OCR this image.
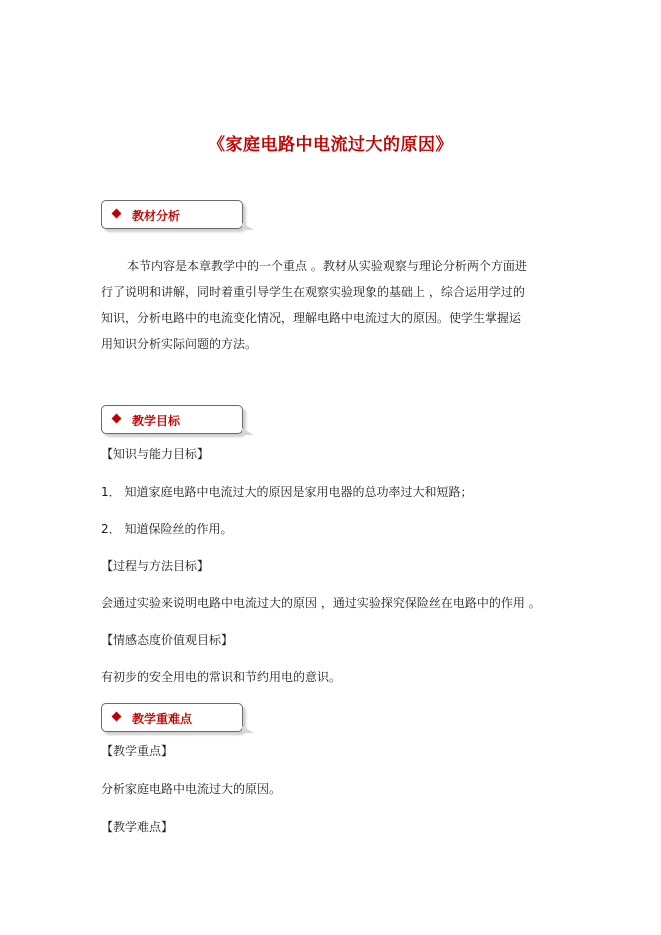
《家庭电路中电流过大的原因》
教材分析
本节内容是本章教学中的一个重点 。教材从实验观察与理论分析两个方面进
行了说明和讲解，同时着重引导学生在观察实验现象的基础上 ，综合运用学过的
知识，分析电路中的电流变化情况，理解电路中电流过大的原因。使学生掌握运
用知识分析实际问题的方法。
教学目标
【知识与能力目标】
1． 知道家庭电路中电流过大的原因是家用电器的总功率过大和短路；
2． 知道保险丝的作用。
【过程与方法目标】
会通过实验来说明电路中电流过大的原因 ，通过实验探究保险丝在电路中的作用 。
【情感态度价值观目标】
有初步的安全用电的常识和节约用电的意识。
教学重难点
【教学重点】
分析家庭电路中电流过大的原因。
【教学难点】
